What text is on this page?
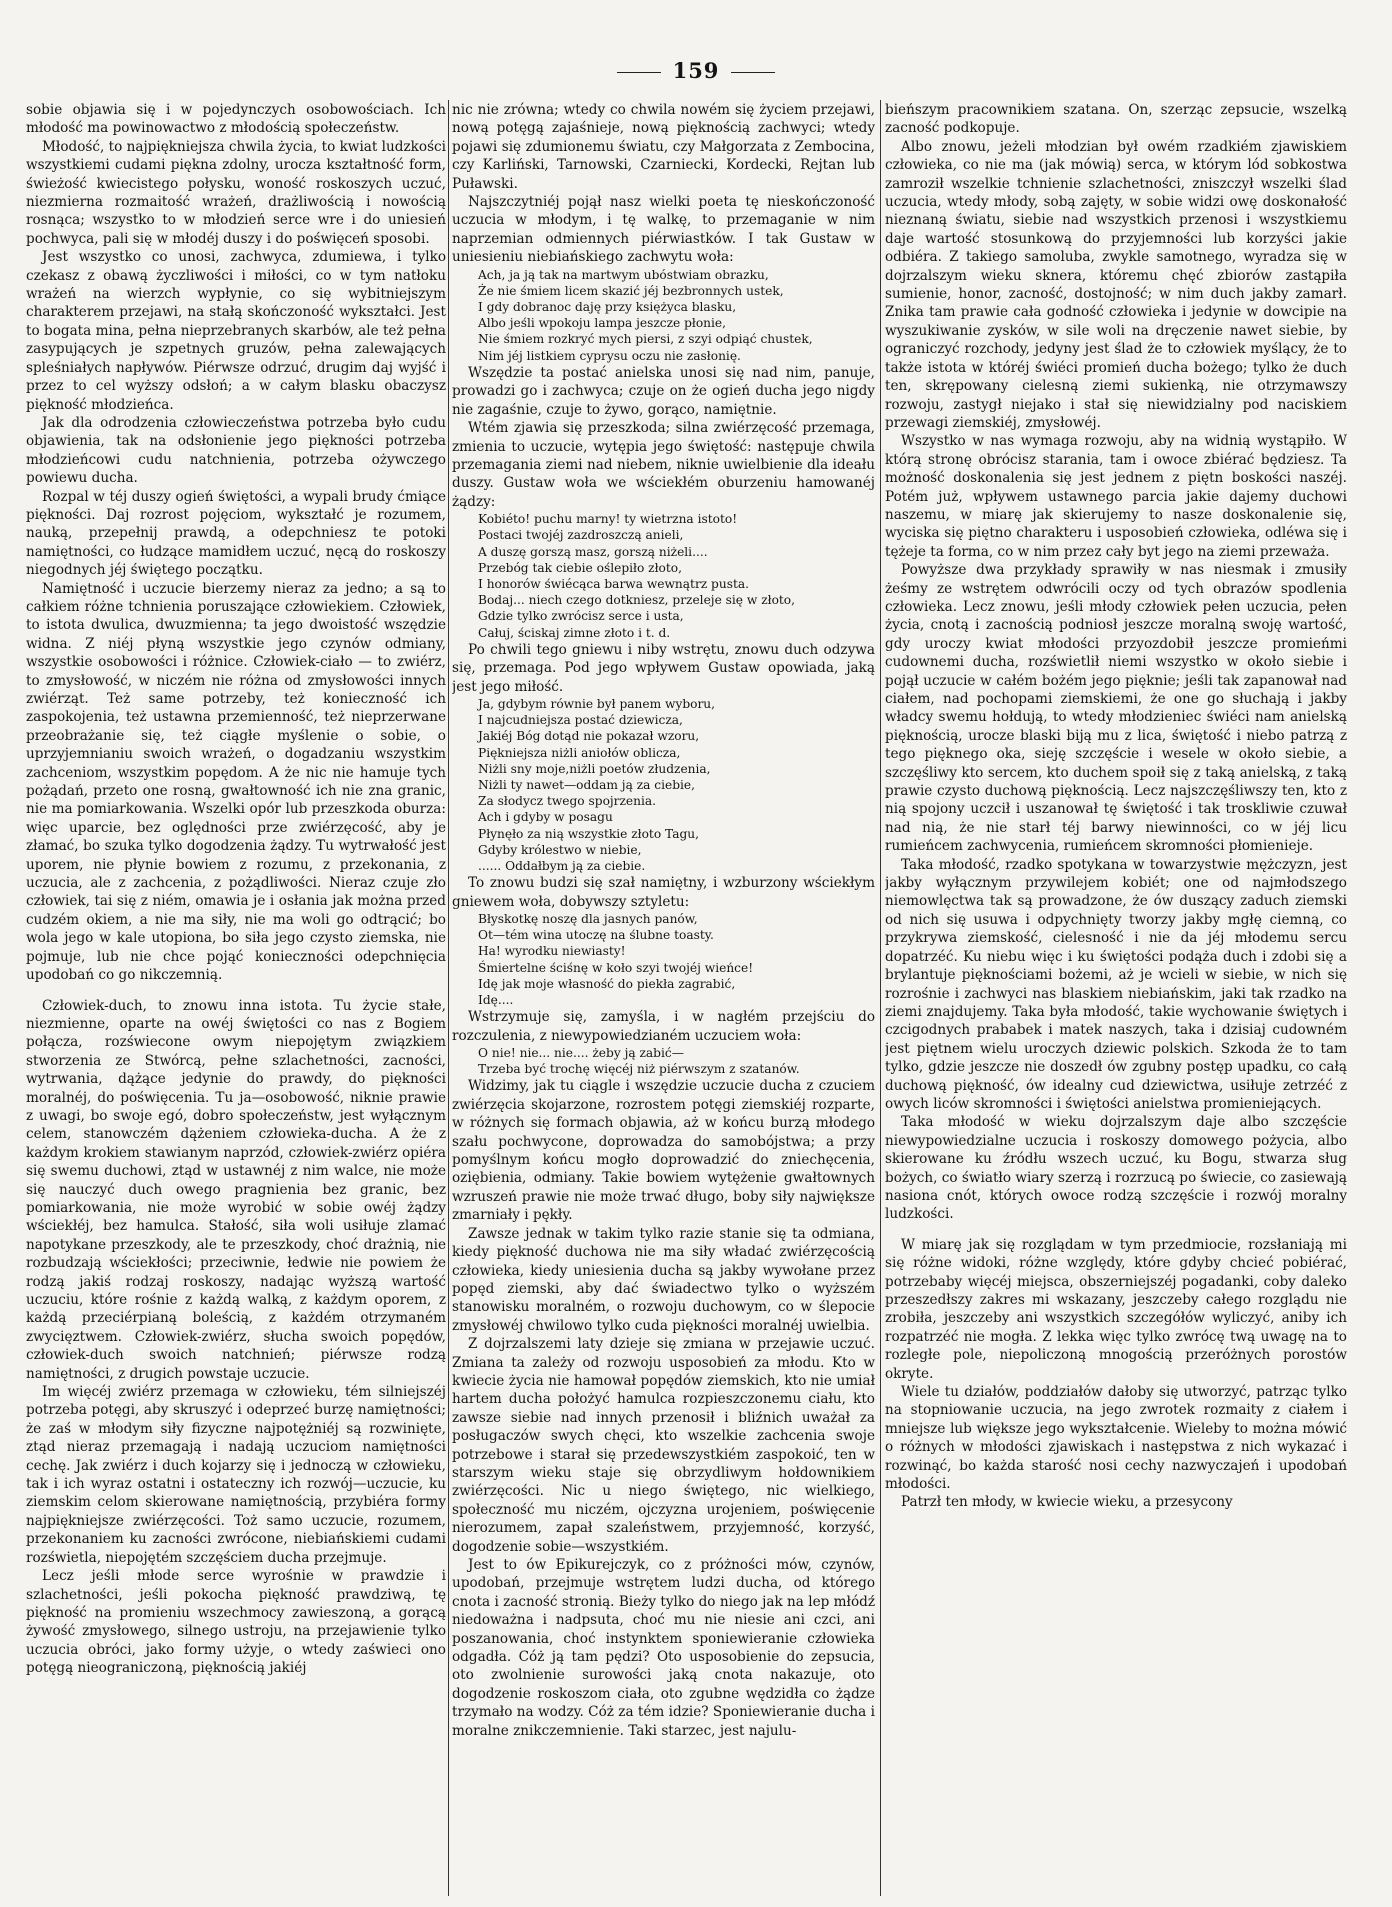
159

sobie objawia się i w pojedynczych osobowościach. Ich młodość ma powinowactwo z młodością społeczeństw.

Młodość, to najpiękniejsza chwila życia, to kwiat ludzkości wszystkiemi cudami piękna zdolny, urocza kształtność form, świeżość kwiecistego połysku, woność roskoszych uczuć, niezmierna rozmaitość wrażeń, drażliwością i nowością rosnąca; wszystko to w młodzień serce wre i do uniesień pochwyca, pali się w młodéj duszy i do poświęceń sposobi.

Jest wszystko co unosi, zachwyca, zdumiewa, i tylko czekasz z obawą życzliwości i miłości, co w tym natłoku wrażeń na wierzch wypłynie, co się wybitniejszym charakterem przejawi, na stałą skończoność wykształci. Jest to bogata mina, pełna nieprzebranych skarbów, ale też pełna zasypujących je szpetnych gruzów, pełna zalewających spleśniałych napływów. Piérwsze odrzuć, drugim daj wyjść i przez to cel wyższy odsłoń; a w całym blasku obaczysz piękność młodzieńca.

Jak dla odrodzenia człowieczeństwa potrzeba było cudu objawienia, tak na odsłonienie jego piękności potrzeba młodzieńcowi cudu natchnienia, potrzeba ożywczego powiewu ducha.

Rozpal w téj duszy ogień świętości, a wypali brudy ćmiące piękności. Daj rozrost pojęciom, wykształć je rozumem, nauką, przepełnij prawdą, a odepchniesz te potoki namiętności, co łudzące mamidłem uczuć, nęcą do roskoszy niegodnych jéj świętego początku.

Namiętność i uczucie bierzemy nieraz za jedno; a są to całkiem różne tchnienia poruszające człowiekiem. Człowiek, to istota dwulica, dwuzmienna; ta jego dwoistość wszędzie widna. Z niéj płyną wszystkie jego czynów odmiany, wszystkie osobowości i różnice. Człowiek-ciało — to zwiérz, to zmysłowość, w niczém nie różna od zmysłowości innych zwiérząt. Też same potrzeby, też konieczność ich zaspokojenia, też ustawna przemienność, też nieprzerwane przeobrażanie się, też ciągłe myślenie o sobie, o uprzyjemnianiu swoich wrażeń, o dogadzaniu wszystkim zachceniom, wszystkim popędom. A że nic nie hamuje tych pożądań, przeto one rosną, gwałtowność ich nie zna granic, nie ma pomiarkowania. Wszelki opór lub przeszkoda oburza: więc uparcie, bez oględności prze zwiérzęcość, aby je złamać, bo szuka tylko dogodzenia żądzy. Tu wytrwałość jest uporem, nie płynie bowiem z rozumu, z przekonania, z uczucia, ale z zachcenia, z pożądliwości. Nieraz czuje zło człowiek, tai się z niém, omawia je i osłania jak można przed cudzém okiem, a nie ma siły, nie ma woli go odtrącić; bo wola jego w kale utopiona, bo siła jego czysto ziemska, nie pojmuje, lub nie chce pojąć konieczności odepchnięcia upodobań co go nikczemnią.

Człowiek-duch, to znowu inna istota. Tu życie stałe, niezmienne, oparte na owéj świętości co nas z Bogiem połącza, rozświecone owym niepojętym związkiem stworzenia ze Stwórcą, pełne szlachetności, zacności, wytrwania, dążące jedynie do prawdy, do piękności moralnéj, do poświęcenia. Tu ja—osobowość, niknie prawie z uwagi, bo swoje egó, dobro społeczeństw, jest wyłącznym celem, stanowczém dążeniem człowieka-ducha. A że z każdym krokiem stawianym naprzód, człowiek-zwiérz opiéra się swemu duchowi, ztąd w ustawnéj z nim walce, nie może się nauczyć duch owego pragnienia bez granic, bez pomiarkowania, nie może wyrobić w sobie owéj żądzy wściekłéj, bez hamulca. Stałość, siła woli usiłuje zlamać napotykane przeszkody, ale te przeszkody, choć drażnią, nie rozbudzają wściekłości; przeciwnie, łedwie nie powiem że rodzą jakiś rodzaj roskoszy, nadając wyższą wartość uczuciu, które rośnie z każdą walką, z każdym oporem, z każdą przeciérpianą boleścią, z każdém otrzymaném zwycięztwem. Człowiek-zwiérz, słucha swoich popędów, człowiek-duch swoich natchnień; piérwsze rodzą namiętności, z drugich powstaje uczucie.

Im więcéj zwiérz przemaga w człowieku, tém silniejszéj potrzeba potęgi, aby skruszyć i odeprzeć burzę namiętności; że zaś w młodym siły fizyczne najpotężniéj są rozwinięte, ztąd nieraz przemagają i nadają uczuciom namiętności cechę. Jak zwiérz i duch kojarzy się i jednoczą w człowieku, tak i ich wyraz ostatni i ostateczny ich rozwój—uczucie, ku ziemskim celom skierowane namiętnością, przybiéra formy najpiękniejsze zwiérzęcości. Toż samo uczucie, rozumem, przekonaniem ku zacności zwrócone, niebiańskiemi cudami rozświetla, niepojętém szczęściem ducha przejmuje.

Lecz jeśli młode serce wyrośnie w prawdzie i szlachetności, jeśli pokocha piękność prawdziwą, tę piękność na promieniu wszechmocy zawieszoną, a gorącą żywość zmysłowego, silnego ustroju, na przejawienie tylko uczucia obróci, jako formy użyje, o wtedy zaświeci ono potęgą nieograniczoną, pięknością jakiéj

nic nie zrówna; wtedy co chwila nowém się życiem przejawi, nową potęgą zajaśnieje, nową pięknością zachwyci; wtedy pojawi się zdumionemu światu, czy Małgorzata z Zembocina, czy Karliński, Tarnowski, Czarniecki, Kordecki, Rejtan lub Puławski.

Najszczytniéj pojął nasz wielki poeta tę nieskończoność uczucia w młodym, i tę walkę, to przemaganie w nim naprzemian odmiennych piérwiastków. I tak Gustaw w uniesieniu niebiańskiego zachwytu woła:

Ach, ja ją tak na martwym ubóstwiam obrazku,
Że nie śmiem licem skazić jéj bezbronnych ustek,
I gdy dobranoc daję przy księżyca blasku,
Albo jeśli wpokoju lampa jeszcze płonie,
Nie śmiem rozkryć mych piersi, z szyi odpiąć chustek,
Nim jéj listkiem cyprysu oczu nie zasłonię.

Wszędzie ta postać anielska unosi się nad nim, panuje, prowadzi go i zachwyca; czuje on że ogień ducha jego nigdy nie zagaśnie, czuje to żywo, gorąco, namiętnie.

Wtém zjawia się przeszkoda; silna zwiérzęcość przemaga, zmienia to uczucie, wytępia jego świętość: następuje chwila przemagania ziemi nad niebem, niknie uwielbienie dla ideału duszy. Gustaw woła we wściekłém oburzeniu hamowanéj żądzy:

Kobiéto! puchu marny! ty wietrzna istoto!
Postaci twojéj zazdroszczą anieli,
A duszę gorszą masz, gorszą niżeli....
Przebóg tak ciebie oślepiło złoto,
I honorów świécąca barwa wewnątrz pusta.
Bodaj... niech czego dotkniesz, przeleje się w złoto,
Gdzie tylko zwrócisz serce i usta,
Całuj, ściskaj zimne złoto i t. d.

Po chwili tego gniewu i niby wstrętu, znowu duch odzywa się, przemaga. Pod jego wpływem Gustaw opowiada, jaką jest jego miłość.

Ja, gdybym równie był panem wyboru,
I najcudniejsza postać dziewicza,
Jakiéj Bóg dotąd nie pokazał wzoru,
Piękniejsza niżli aniołów oblicza,
Niżli sny moje,niżli poetów złudzenia,
Niżli ty nawet—oddam ją za ciebie,
Za słodycz twego spojrzenia.
Ach i gdyby w posagu
Płynęło za nią wszystkie złoto Tagu,
Gdyby królestwo w niebie,
...... Oddałbym ją za ciebie.

To znowu budzi się szał namiętny, i wzburzony wściekłym gniewem woła, dobywszy sztyletu:

Błyskotkę noszę dla jasnych panów,
Ot—tém wina utoczę na ślubne toasty.
Ha! wyrodku niewiasty!
Śmiertelne ściśnę w koło szyi twojéj wieńce!
Idę jak moje własność do piekła zagrabić,
Idę....

Wstrzymuje się, zamyśla, i w nagłém przejściu do rozczulenia, z niewypowiedzianém uczuciem woła:

O nie! nie... nie.... żeby ją zabić—
Trzeba być trochę więcéj niż piérwszym z szatanów.

Widzimy, jak tu ciągle i wszędzie uczucie ducha z czuciem zwiérzęcia skojarzone, rozrostem potęgi ziemskiéj rozparte, w różnych się formach objawia, aż w końcu burzą młodego szału pochwycone, doprowadza do samobójstwa; a przy pomyślnym końcu mogło doprowadzić do zniechęcenia, oziębienia, odmiany. Takie bowiem wytężenie gwałtownych wzruszeń prawie nie może trwać długo, boby siły największe zmarniały i pękły.

Zawsze jednak w takim tylko razie stanie się ta odmiana, kiedy piękność duchowa nie ma siły władać zwiérzęcością człowieka, kiedy uniesienia ducha są jakby wywołane przez popęd ziemski, aby dać świadectwo tylko o wyższém stanowisku moralném, o rozwoju duchowym, co w ślepocie zmysłowéj chwilowo tylko cuda piękności moralnéj uwielbia.

Z dojrzalszemi laty dzieje się zmiana w przejawie uczuć. Zmiana ta zależy od rozwoju usposobień za młodu. Kto w kwiecie życia nie hamował popędów ziemskich, kto nie umiał hartem ducha położyć hamulca rozpieszczonemu ciału, kto zawsze siebie nad innych przenosił i bliźnich uważał za posługaczów swych chęci, kto wszelkie zachcenia swoje potrzebowe i starał się przedewszystkiém zaspokoić, ten w starszym wieku staje się obrzydliwym hołdownikiem zwiérzęcości. Nic u niego świętego, nic wielkiego, społeczność mu niczém, ojczyzna urojeniem, poświęcenie nierozumem, zapał szaleństwem, przyjemność, korzyść, dogodzenie sobie—wszystkiém.

Jest to ów Epikurejczyk, co z próżności mów, czynów, upodobań, przejmuje wstrętem ludzi ducha, od którego cnota i zacność stronią. Bieży tylko do niego jak na lep młódź niedoważna i nadpsuta, choć mu nie niesie ani czci, ani poszanowania, choć instynktem sponiewieranie człowieka odgadła. Cóż ją tam pędzi? Oto usposobienie do zepsucia, oto zwolnienie surowości jaką cnota nakazuje, oto dogodzenie roskoszom ciała, oto zgubne wędzidła co żądze trzymało na wodzy. Cóż za tém idzie? Sponiewieranie ducha i moralne znikczemnienie. Taki starzec, jest najulu-

bieńszym pracownikiem szatana. On, szerząc zepsucie, wszelką zacność podkopuje.

Albo znowu, jeżeli młodzian był owém rzadkiém zjawiskiem człowieka, co nie ma (jak mówią) serca, w którym lód sobkostwa zamroził wszelkie tchnienie szlachetności, zniszczył wszelki ślad uczucia, wtedy młody, sobą zajęty, w sobie widzi owę doskonałość nieznaną światu, siebie nad wszystkich przenosi i wszystkiemu daje wartość stosunkową do przyjemności lub korzyści jakie odbiéra. Z takiego samoluba, zwykle samotnego, wyradza się w dojrzalszym wieku sknera, któremu chęć zbiorów zastąpiła sumienie, honor, zacność, dostojność; w nim duch jakby zamarł. Znika tam prawie cała godność człowieka i jedynie w dowcipie na wyszukiwanie zysków, w sile woli na dręczenie nawet siebie, by ograniczyć rozchody, jedyny jest ślad że to człowiek myślący, że to także istota w któréj świéci promień ducha bożego; tylko że duch ten, skrępowany cielesną ziemi sukienką, nie otrzymawszy rozwoju, zastygł niejako i stał się niewidzialny pod naciskiem przewagi ziemskiéj, zmysłowéj.

Wszystko w nas wymaga rozwoju, aby na widnią wystąpiło. W którą stronę obrócisz starania, tam i owoce zbiérać będziesz. Ta możność doskonalenia się jest jednem z piętn boskości naszéj. Potém już, wpływem ustawnego parcia jakie dajemy duchowi naszemu, w miarę jak skierujemy to nasze doskonalenie się, wyciska się piętno charakteru i usposobień człowieka, odléwa się i tężeje ta forma, co w nim przez cały byt jego na ziemi przeważa.

Powyższe dwa przykłady sprawiły w nas niesmak i zmusiły żeśmy ze wstrętem odwrócili oczy od tych obrazów spodlenia człowieka. Lecz znowu, jeśli młody człowiek pełen uczucia, pełen życia, cnotą i zacnością podniosł jeszcze moralną swoję wartość, gdy uroczy kwiat młodości przyozdobił jeszcze promieńmi cudownemi ducha, rozświetlił niemi wszystko w około siebie i pojął uczucie w całém bożém jego pięknie; jeśli tak zapanował nad ciałem, nad pochopami ziemskiemi, że one go słuchają i jakby władcy swemu hołdują, to wtedy młodzieniec świéci nam anielską pięknością, urocze blaski biją mu z lica, świętość i niebo patrzą z tego pięknego oka, sieję szczęście i wesele w około siebie, a szczęśliwy kto sercem, kto duchem spoił się z taką anielską, z taką prawie czysto duchową pięknością. Lecz najszczęśliwszy ten, kto z nią spojony uczcił i uszanował tę świętość i tak troskliwie czuwał nad nią, że nie starł téj barwy niewinności, co w jéj licu rumieńcem zachwycenia, rumieńcem skromności płomienieje.

Taka młodość, rzadko spotykana w towarzystwie mężczyzn, jest jakby wyłącznym przywilejem kobiét; one od najmłodszego niemowlęctwa tak są prowadzone, że ów duszący zaduch ziemski od nich się usuwa i odpychnięty tworzy jakby mgłę ciemną, co przykrywa ziemskość, cielesność i nie da jéj młodemu sercu dopatrzéć. Ku niebu więc i ku świętości podąża duch i zdobi się a brylantuje pięknościami bożemi, aż je wcieli w siebie, w nich się rozrośnie i zachwyci nas blaskiem niebiańskim, jaki tak rzadko na ziemi znajdujemy. Taka była młodość, takie wychowanie świętych i czcigodnych prababek i matek naszych, taka i dzisiaj cudowném jest piętnem wielu uroczych dziewic polskich. Szkoda że to tam tylko, gdzie jeszcze nie doszedł ów zgubny postęp upadku, co całą duchową piękność, ów idealny cud dziewictwa, usiłuje zetrzéć z owych liców skromności i świętości anielstwa promieniejących.

Taka młodość w wieku dojrzalszym daje albo szczęście niewypowiedzialne uczucia i roskoszy domowego pożycia, albo skierowane ku źródłu wszech uczuć, ku Bogu, stwarza sług bożych, co światło wiary szerzą i rozrzucą po świecie, co zasiewają nasiona cnót, których owoce rodzą szczęście i rozwój moralny ludzkości.

W miarę jak się rozglądam w tym przedmiocie, rozsłaniają mi się różne widoki, różne względy, które gdyby chcieć pobiérać, potrzebaby więcéj miejsca, obszerniejszéj pogadanki, coby daleko przeszedłszy zakres mi wskazany, jeszczeby całego rozglądu nie zrobiła, jeszczeby ani wszystkich szczegółów wyliczyć, aniby ich rozpatrzéć nie mogła. Z lekka więc tylko zwrócę twą uwagę na to rozległe pole, niepoliczoną mnogością przeróżnych porostów okryte.

Wiele tu działów, poddziałów dałoby się utworzyć, patrząc tylko na stopniowanie uczucia, na jego zwrotek rozmaity z ciałem i mniejsze lub większe jego wykształcenie. Wieleby to można mówić o różnych w młodości zjawiskach i następstwa z nich wykazać i rozwinąć, bo każda starość nosi cechy nazwyczajeń i upodobań młodości.

Patrzł ten młody, w kwiecie wieku, a przesycony
